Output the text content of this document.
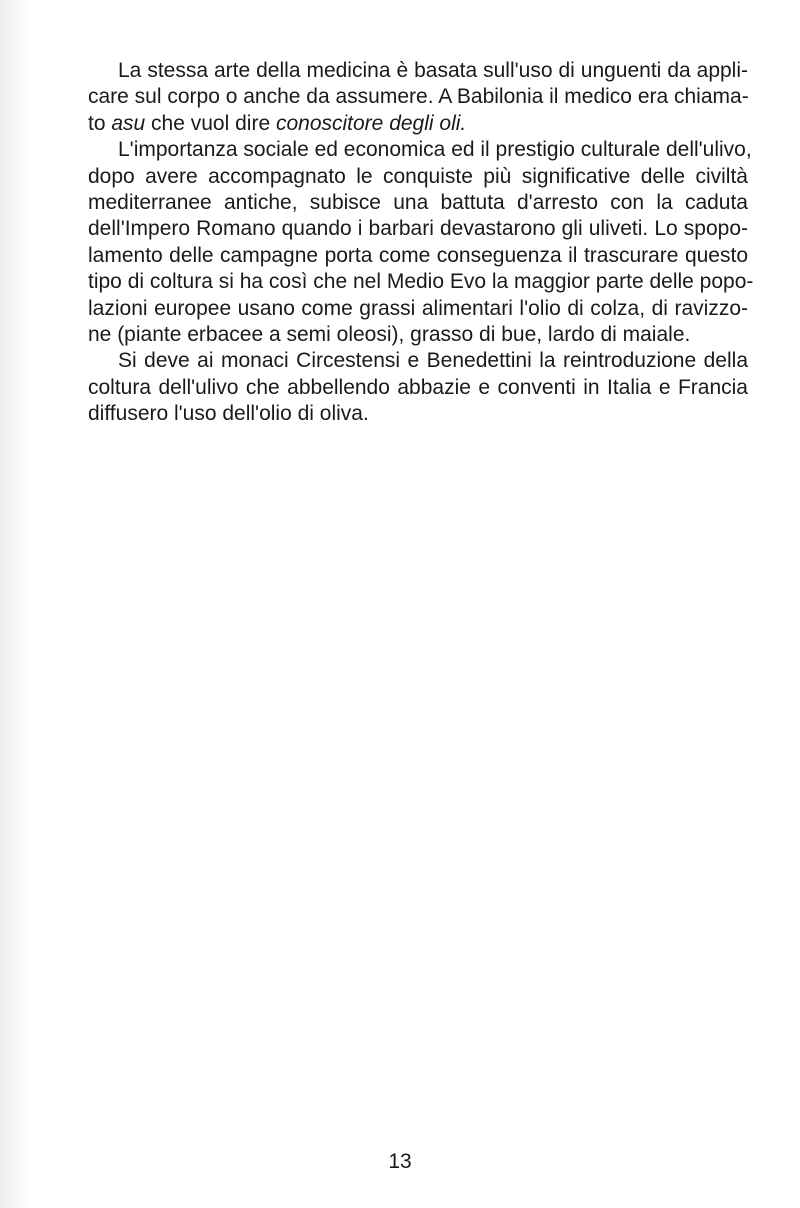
La stessa arte della medicina è basata sull'uso di unguenti da appli-
care sul corpo o anche da assumere. A Babilonia il medico era chiama-
to asu che vuol dire conoscitore degli oli.
L'importanza sociale ed economica ed il prestigio culturale dell'ulivo,
dopo avere accompagnato le conquiste più significative delle civiltà
mediterranee antiche, subisce una battuta d'arresto con la caduta
dell'Impero Romano quando i barbari devastarono gli uliveti. Lo spopo-
lamento delle campagne porta come conseguenza il trascurare questo
tipo di coltura si ha così che nel Medio Evo la maggior parte delle popo-
lazioni europee usano come grassi alimentari l'olio di colza, di ravizzo-
ne (piante erbacee a semi oleosi), grasso di bue, lardo di maiale.
Si deve ai monaci Circestensi e Benedettini la reintroduzione della
coltura dell'ulivo che abbellendo abbazie e conventi in Italia e Francia
diffusero l'uso dell'olio di oliva.
13
